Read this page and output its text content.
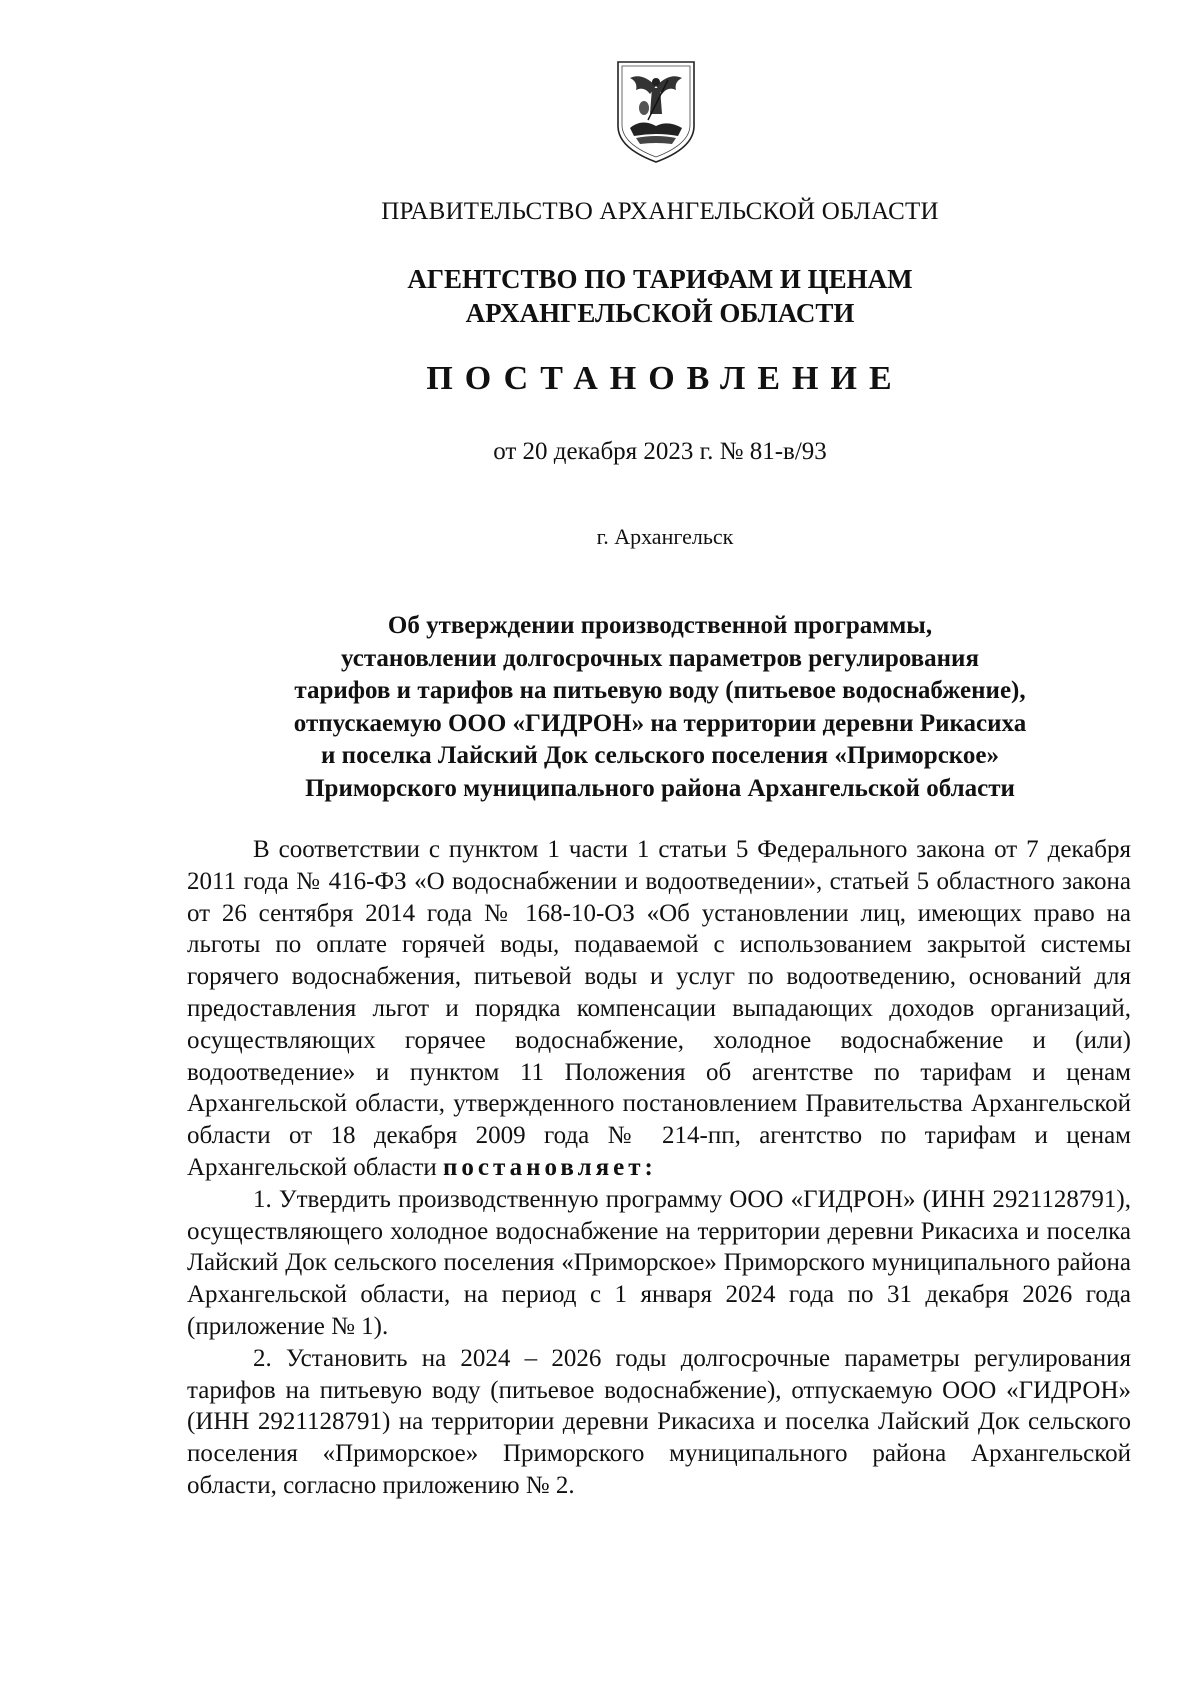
ПРАВИТЕЛЬСТВО АРХАНГЕЛЬСКОЙ ОБЛАСТИ
АГЕНТСТВО ПО ТАРИФАМ И ЦЕНАМ
АРХАНГЕЛЬСКОЙ ОБЛАСТИ
ПОСТАНОВЛЕНИЕ
от 20 декабря 2023 г. № 81-в/93
г. Архангельск
Об утверждении производственной программы,
установлении долгосрочных параметров регулирования
тарифов и тарифов на питьевую воду (питьевое водоснабжение),
отпускаемую ООО «ГИДРОН» на территории деревни Рикасиха
и поселка Лайский Док сельского поселения «Приморское»
Приморского муниципального района Архангельской области

В соответствии с пунктом 1 части 1 статьи 5 Федерального закона от 7 декабря 2011 года № 416-ФЗ «О водоснабжении и водоотведении», статьей 5 областного закона от 26 сентября 2014 года № 168-10-ОЗ «Об установлении лиц, имеющих право на льготы по оплате горячей воды, подаваемой с использованием закрытой системы горячего водоснабжения, питьевой воды и услуг по водоотведению, оснований для предоставления льгот и порядка компенсации выпадающих доходов организаций, осуществляющих горячее водоснабжение, холодное водоснабжение и (или) водоотведение» и пунктом 11 Положения об агентстве по тарифам и ценам Архангельской области, утвержденного постановлением Правительства Архангельской области от 18 декабря 2009 года № 214-пп, агентство по тарифам и ценам Архангельской области постановляет:

1. Утвердить производственную программу ООО «ГИДРОН» (ИНН 2921128791), осуществляющего холодное водоснабжение на территории деревни Рикасиха и поселка Лайский Док сельского поселения «Приморское» Приморского муниципального района Архангельской области, на период с 1 января 2024 года по 31 декабря 2026 года (приложение № 1).

2. Установить на 2024 – 2026 годы долгосрочные параметры регулирования тарифов на питьевую воду (питьевое водоснабжение), отпускаемую ООО «ГИДРОН» (ИНН 2921128791) на территории деревни Рикасиха и поселка Лайский Док сельского поселения «Приморское» Приморского муниципального района Архангельской области, согласно приложению № 2.
